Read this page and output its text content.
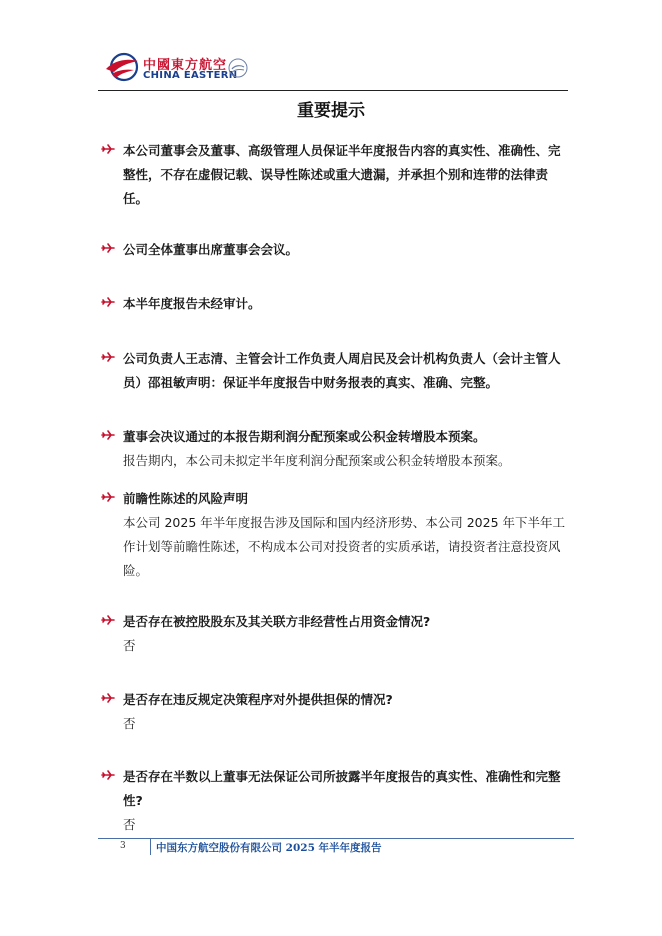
中國東方航空
CHINA EASTERN
重要提示
本公司董事会及董事、高级管理人员保证半年度报告内容的真实性、准确性、完整性，不存在虚假记载、误导性陈述或重大遗漏，并承担个别和连带的法律责任。
公司全体董事出席董事会会议。
本半年度报告未经审计。
公司负责人王志清、主管会计工作负责人周启民及会计机构负责人（会计主管人员）邵祖敏声明：保证半年度报告中财务报表的真实、准确、完整。
董事会决议通过的本报告期利润分配预案或公积金转增股本预案。
报告期内，本公司未拟定半年度利润分配预案或公积金转增股本预案。
前瞻性陈述的风险声明
本公司 2025 年半年度报告涉及国际和国内经济形势、本公司 2025 年下半年工作计划等前瞻性陈述，不构成本公司对投资者的实质承诺，请投资者注意投资风险。
是否存在被控股股东及其关联方非经营性占用资金情况?
否
是否存在违反规定决策程序对外提供担保的情况?
否
是否存在半数以上董事无法保证公司所披露半年度报告的真实性、准确性和完整性?
否
3	中国东方航空股份有限公司 2025 年半年度报告
